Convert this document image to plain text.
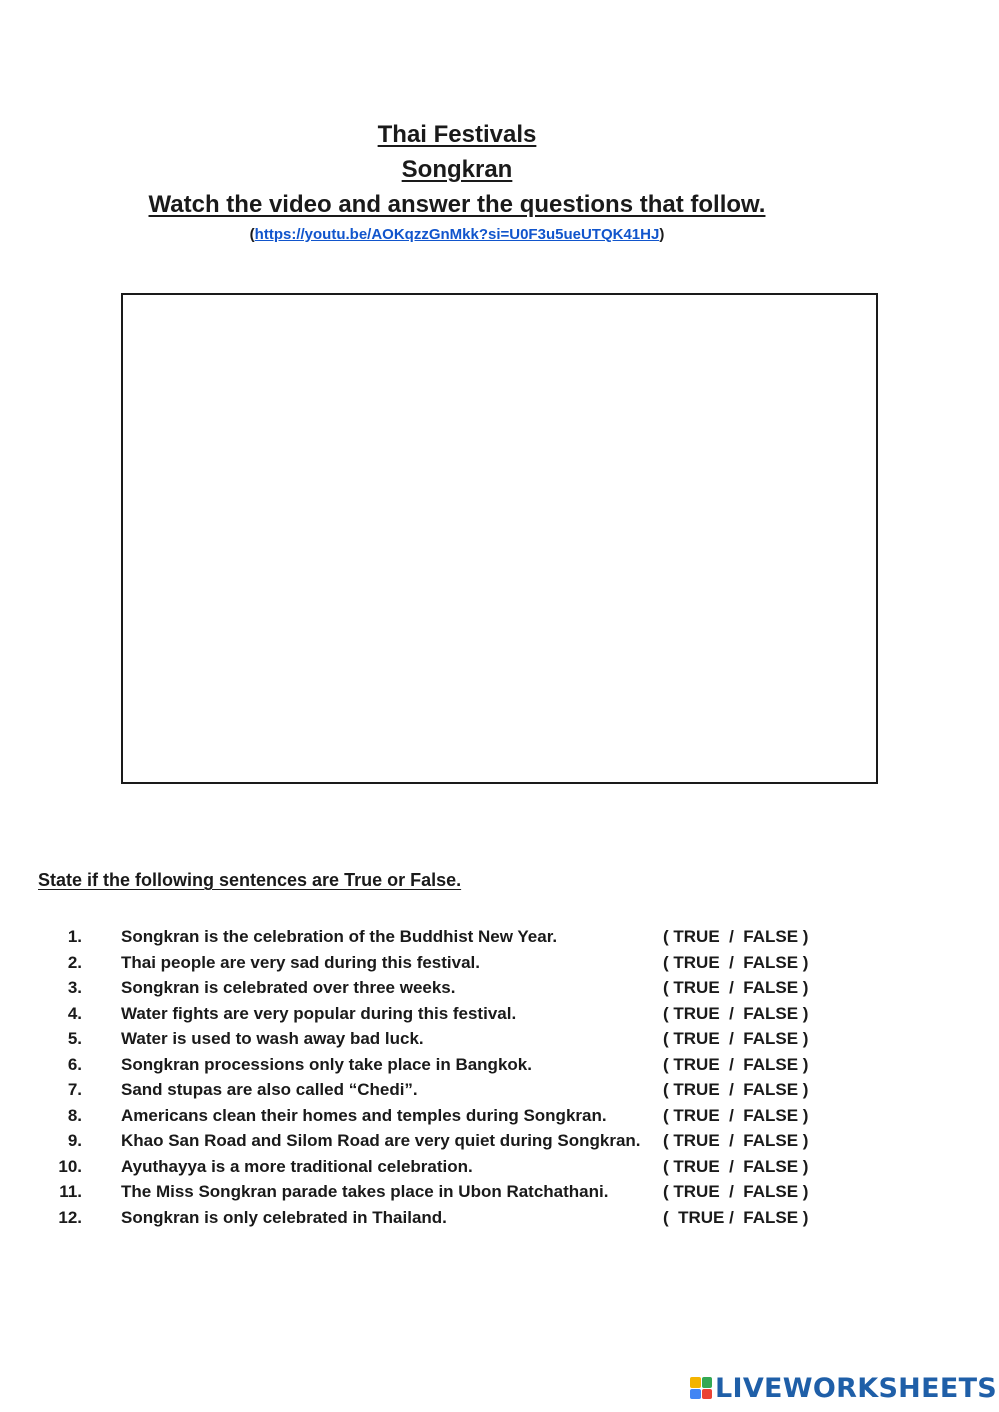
Thai Festivals
Songkran
Watch the video and answer the questions that follow.
(https://youtu.be/AOKqzzGnMkk?si=U0F3u5ueUTQK41HJ)

State if the following sentences are True or False.

1. Songkran is the celebration of the Buddhist New Year.	( TRUE  /  FALSE )
2. Thai people are very sad during this festival.	( TRUE  /  FALSE )
3. Songkran is celebrated over three weeks.	( TRUE  /  FALSE )
4. Water fights are very popular during this festival.	( TRUE  /  FALSE )
5. Water is used to wash away bad luck.	( TRUE  /  FALSE )
6. Songkran processions only take place in Bangkok.	( TRUE  /  FALSE )
7. Sand stupas are also called “Chedi”.	( TRUE  /  FALSE )
8. Americans clean their homes and temples during Songkran.	( TRUE  /  FALSE )
9. Khao San Road and Silom Road are very quiet during Songkran. ( TRUE  /  FALSE )
10. Ayuthayya is a more traditional celebration.	( TRUE  /  FALSE )
11. The Miss Songkran parade takes place in Ubon Ratchathani.	( TRUE  /  FALSE )
12. Songkran is only celebrated in Thailand.	(  TRUE /  FALSE )
LIVEWORKSHEETS
